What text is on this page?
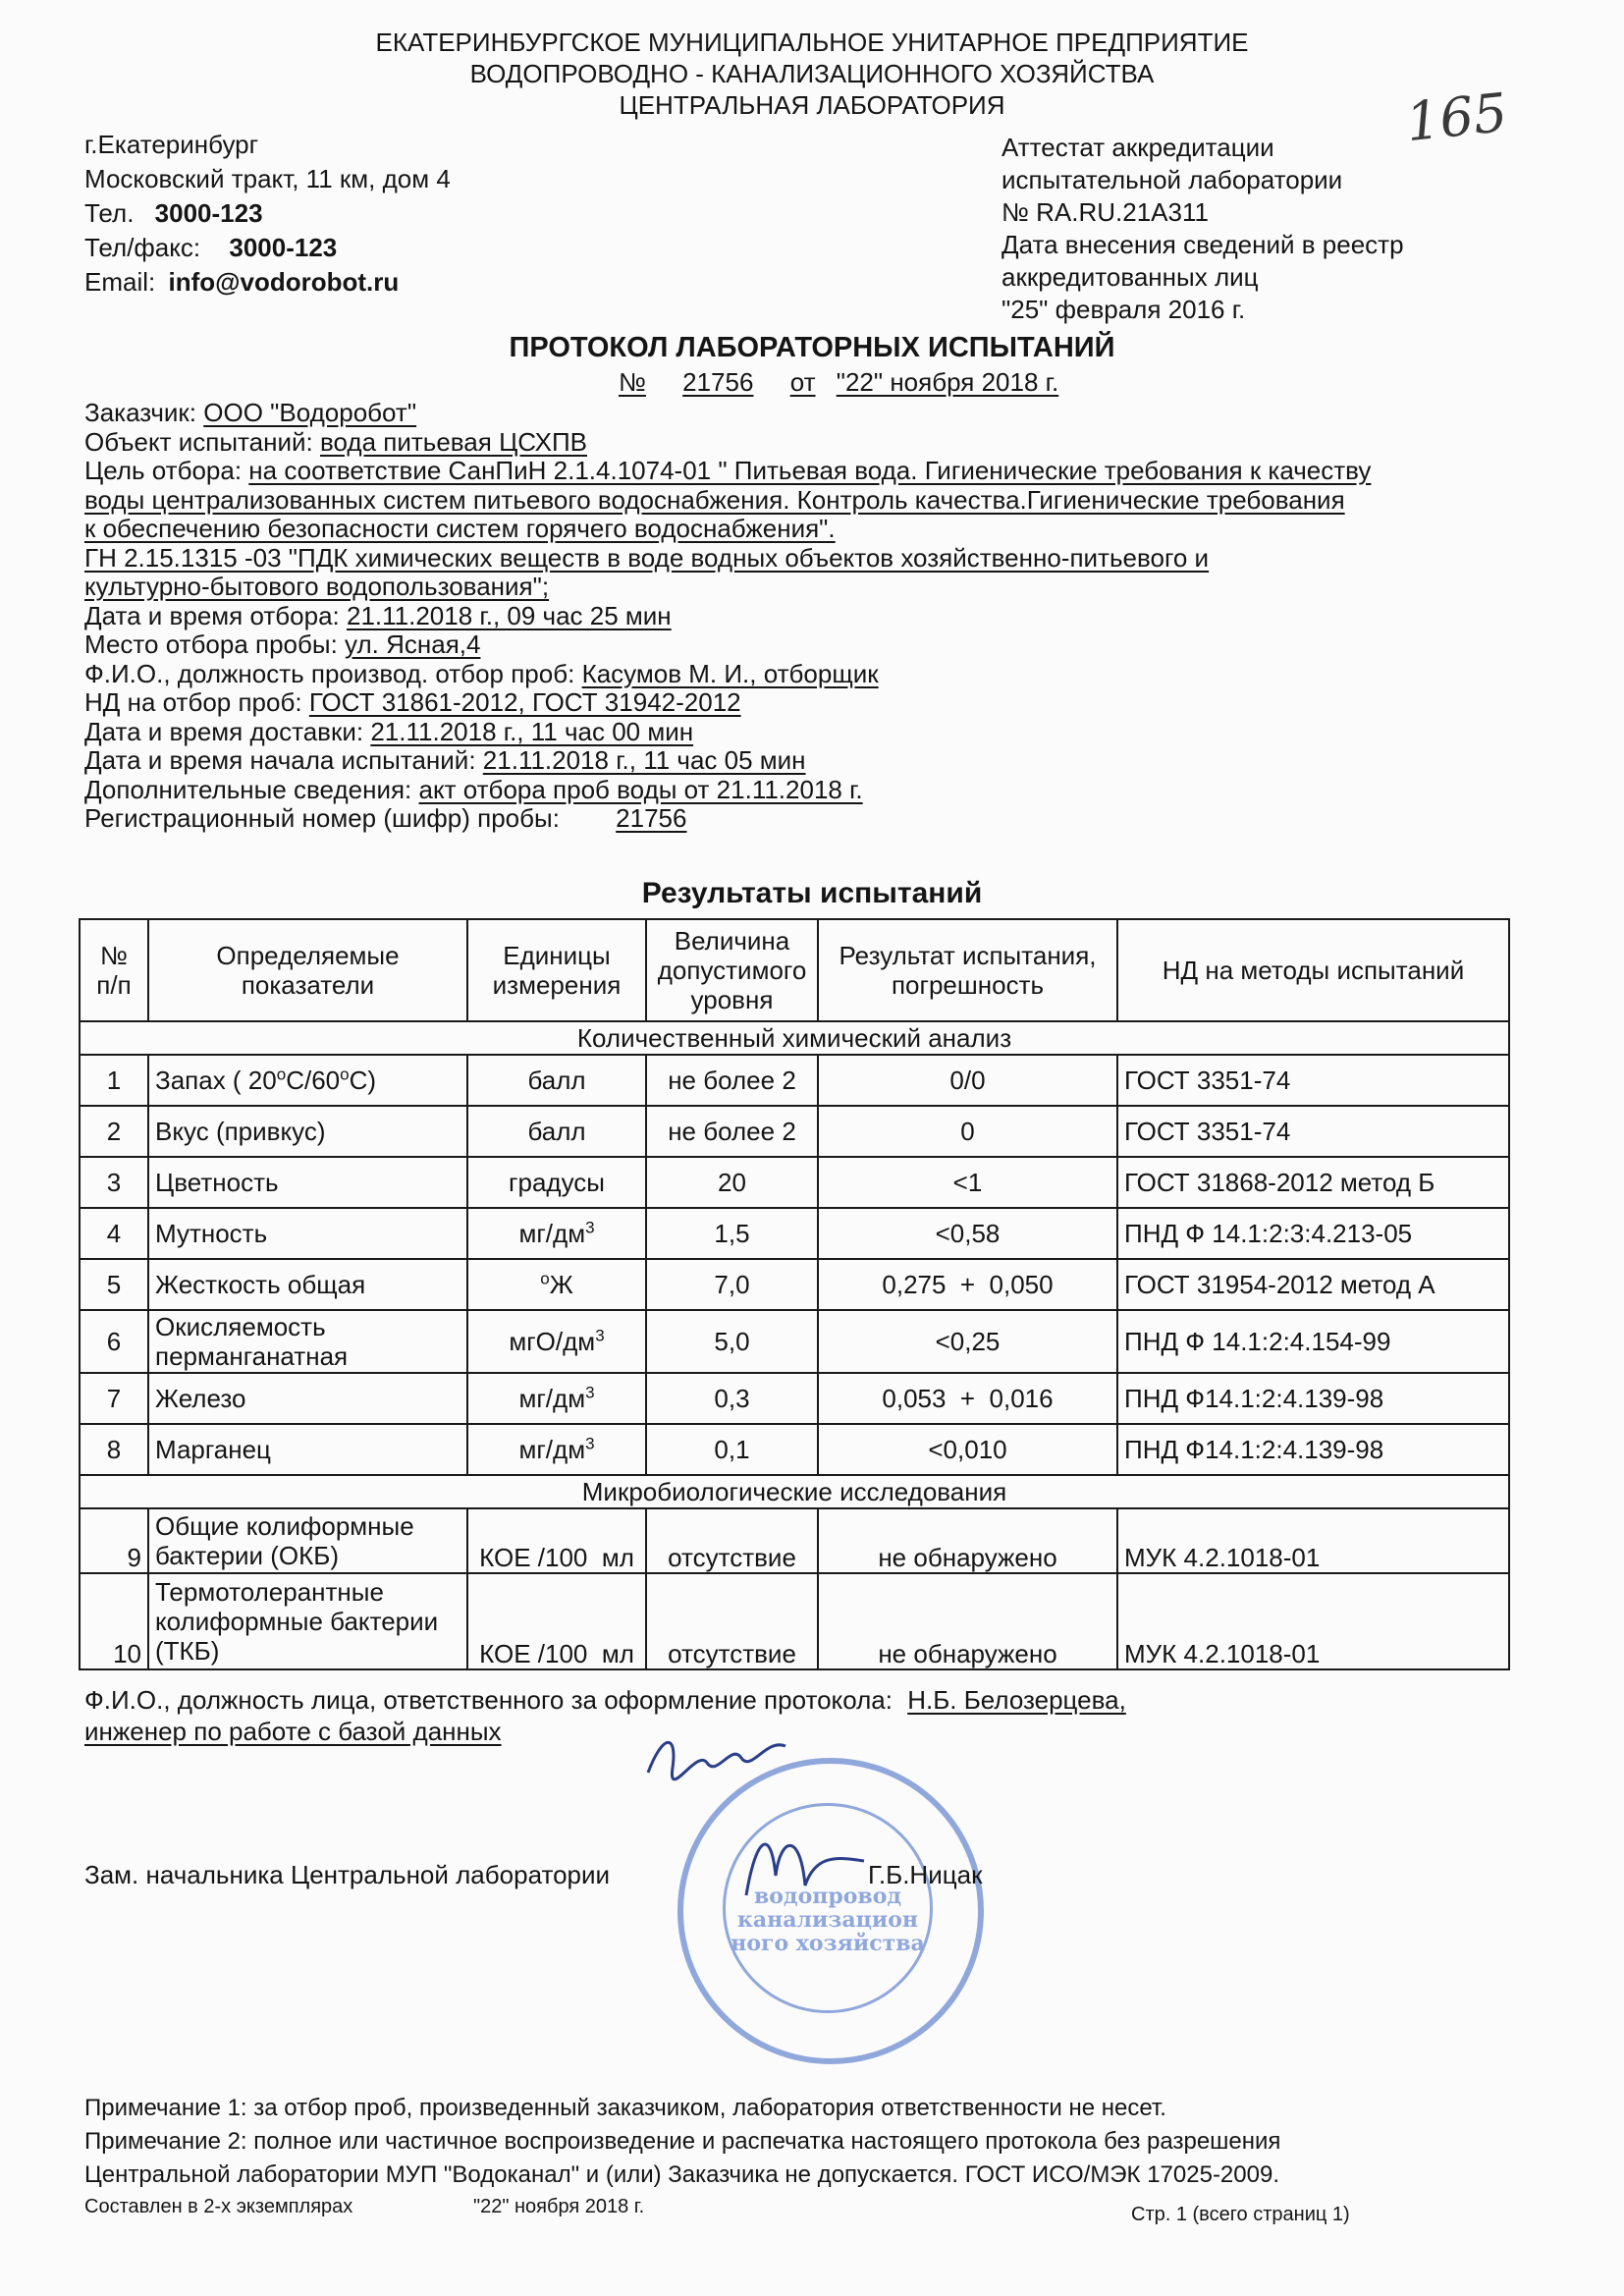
ЕКАТЕРИНБУРГСКОЕ МУНИЦИПАЛЬНОЕ УНИТАРНОЕ ПРЕДПРИЯТИЕ
ВОДОПРОВОДНО - КАНАЛИЗАЦИОННОГО ХОЗЯЙСТВА
ЦЕНТРАЛЬНАЯ ЛАБОРАТОРИЯ	165
г.Екатеринбург
Московский тракт, 11 км, дом 4
Тел. 3000-123
Тел/факс: 3000-123
Email: info@vodorobot.ru
Аттестат аккредитации
испытательной лаборатории
№ RA.RU.21A311
Дата внесения сведений в реестр
аккредитованных лиц
"25" февраля 2016 г.
ПРОТОКОЛ ЛАБОРАТОРНЫХ ИСПЫТАНИЙ
№ 21756 от "22" ноября 2018 г.
Заказчик: ООО "Водоробот"
Объект испытаний: вода питьевая ЦСХПВ
Цель отбора: на соответствие СанПиН 2.1.4.1074-01 " Питьевая вода. Гигиенические требования к качеству
воды централизованных систем питьевого водоснабжения. Контроль качества.Гигиенические требования
к обеспечению безопасности систем горячего водоснабжения".
ГН 2.15.1315 -03 "ПДК химических веществ в воде водных объектов хозяйственно-питьевого и
культурно-бытового водопользования";
Дата и время отбора: 21.11.2018 г., 09 час 25 мин
Место отбора пробы: ул. Ясная,4
Ф.И.О., должность производ. отбор проб: Касумов М. И., отборщик
НД на отбор проб: ГОСТ 31861-2012, ГОСТ 31942-2012
Дата и время доставки: 21.11.2018 г., 11 час 00 мин
Дата и время начала испытаний: 21.11.2018 г., 11 час 05 мин
Дополнительные сведения: акт отбора проб воды от 21.11.2018 г.
Регистрационный номер (шифр) пробы: 21756
Результаты испытаний
№ п/п	Определяемые показатели	Единицы измерения	Величина допустимого уровня	Результат испытания, погрешность	НД на методы испытаний
Количественный химический анализ					
1	Запах ( 20$^o$С/60$^o$С)	балл	не более 2	0/0	ГОСТ 3351-74
2	Вкус (привкус)	балл	не более 2	0	ГОСТ 3351-74
3	Цветность	градусы	20	<1	ГОСТ 31868-2012 метод Б
4	Мутность	$мг/дм^3$	1,5	<0,58	ПНД Ф 14.1:2:3:4.213-05
5	Жесткость общая	$^o$Ж	7,0	0,275  +  0,050	ГОСТ 31954-2012 метод А
6	Окисляемость
перманганатная	мгО/$дм^3$	5,0	<0,25	ПНД Ф 14.1:2:4.154-99
7	Железо	$мг/дм^3$	0,3	0,053  +  0,016	ПНД Ф14.1:2:4.139-98
8	Марганец	$мг/дм^3$	0,1	<0,010	ПНД Ф14.1:2:4.139-98
Микробиологические исследования					
9	Общие колиформные
бактерии (ОКБ)	КОЕ /100  мл	отсутствие	не обнаружено	МУК 4.2.1018-01
10	Термотолерантные
колиформные бактерии
(ТКБ)	КОЕ /100  мл	отсутствие	не обнаружено	МУК 4.2.1018-01
Ф.И.О., должность лица, ответственного за оформление протокола: Н.Б. Белозерцева,
инженер по работе с базой данных
водопровод канализацион ного хозяйства
Зам. начальника Центральной лаборатории	Г.Б.Ницак
Примечание 1: за отбор проб, произведенный заказчиком, лаборатория ответственности не несет.
Примечание 2: полное или частичное воспроизведение и распечатка настоящего протокола без разрешения
Центральной лаборатории МУП "Водоканал" и (или) Заказчика не допускается. ГОСТ ИСО/МЭК 17025-2009.
Составлен в 2-х экземплярах	"22" ноября 2018 г.	Стр. 1 (всего страниц 1)
